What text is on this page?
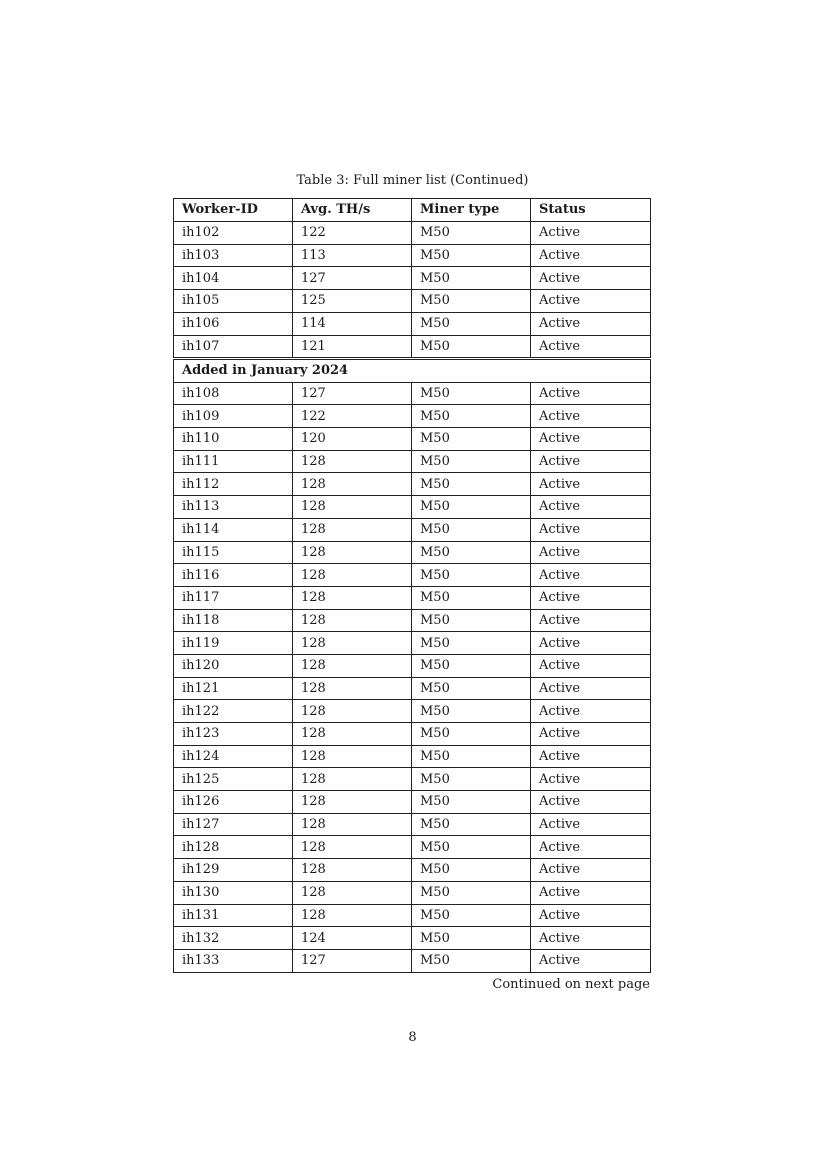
Table 3: Full miner list (Continued)
Worker-ID	Avg. TH/s	Miner type	Status
ih102	122	M50	Active
ih103	113	M50	Active
ih104	127	M50	Active
ih105	125	M50	Active
ih106	114	M50	Active
ih107	121	M50	Active
Added in January 2024			
ih108	127	M50	Active
ih109	122	M50	Active
ih110	120	M50	Active
ih111	128	M50	Active
ih112	128	M50	Active
ih113	128	M50	Active
ih114	128	M50	Active
ih115	128	M50	Active
ih116	128	M50	Active
ih117	128	M50	Active
ih118	128	M50	Active
ih119	128	M50	Active
ih120	128	M50	Active
ih121	128	M50	Active
ih122	128	M50	Active
ih123	128	M50	Active
ih124	128	M50	Active
ih125	128	M50	Active
ih126	128	M50	Active
ih127	128	M50	Active
ih128	128	M50	Active
ih129	128	M50	Active
ih130	128	M50	Active
ih131	128	M50	Active
ih132	124	M50	Active
ih133	127	M50	Active
Continued on next page
8
